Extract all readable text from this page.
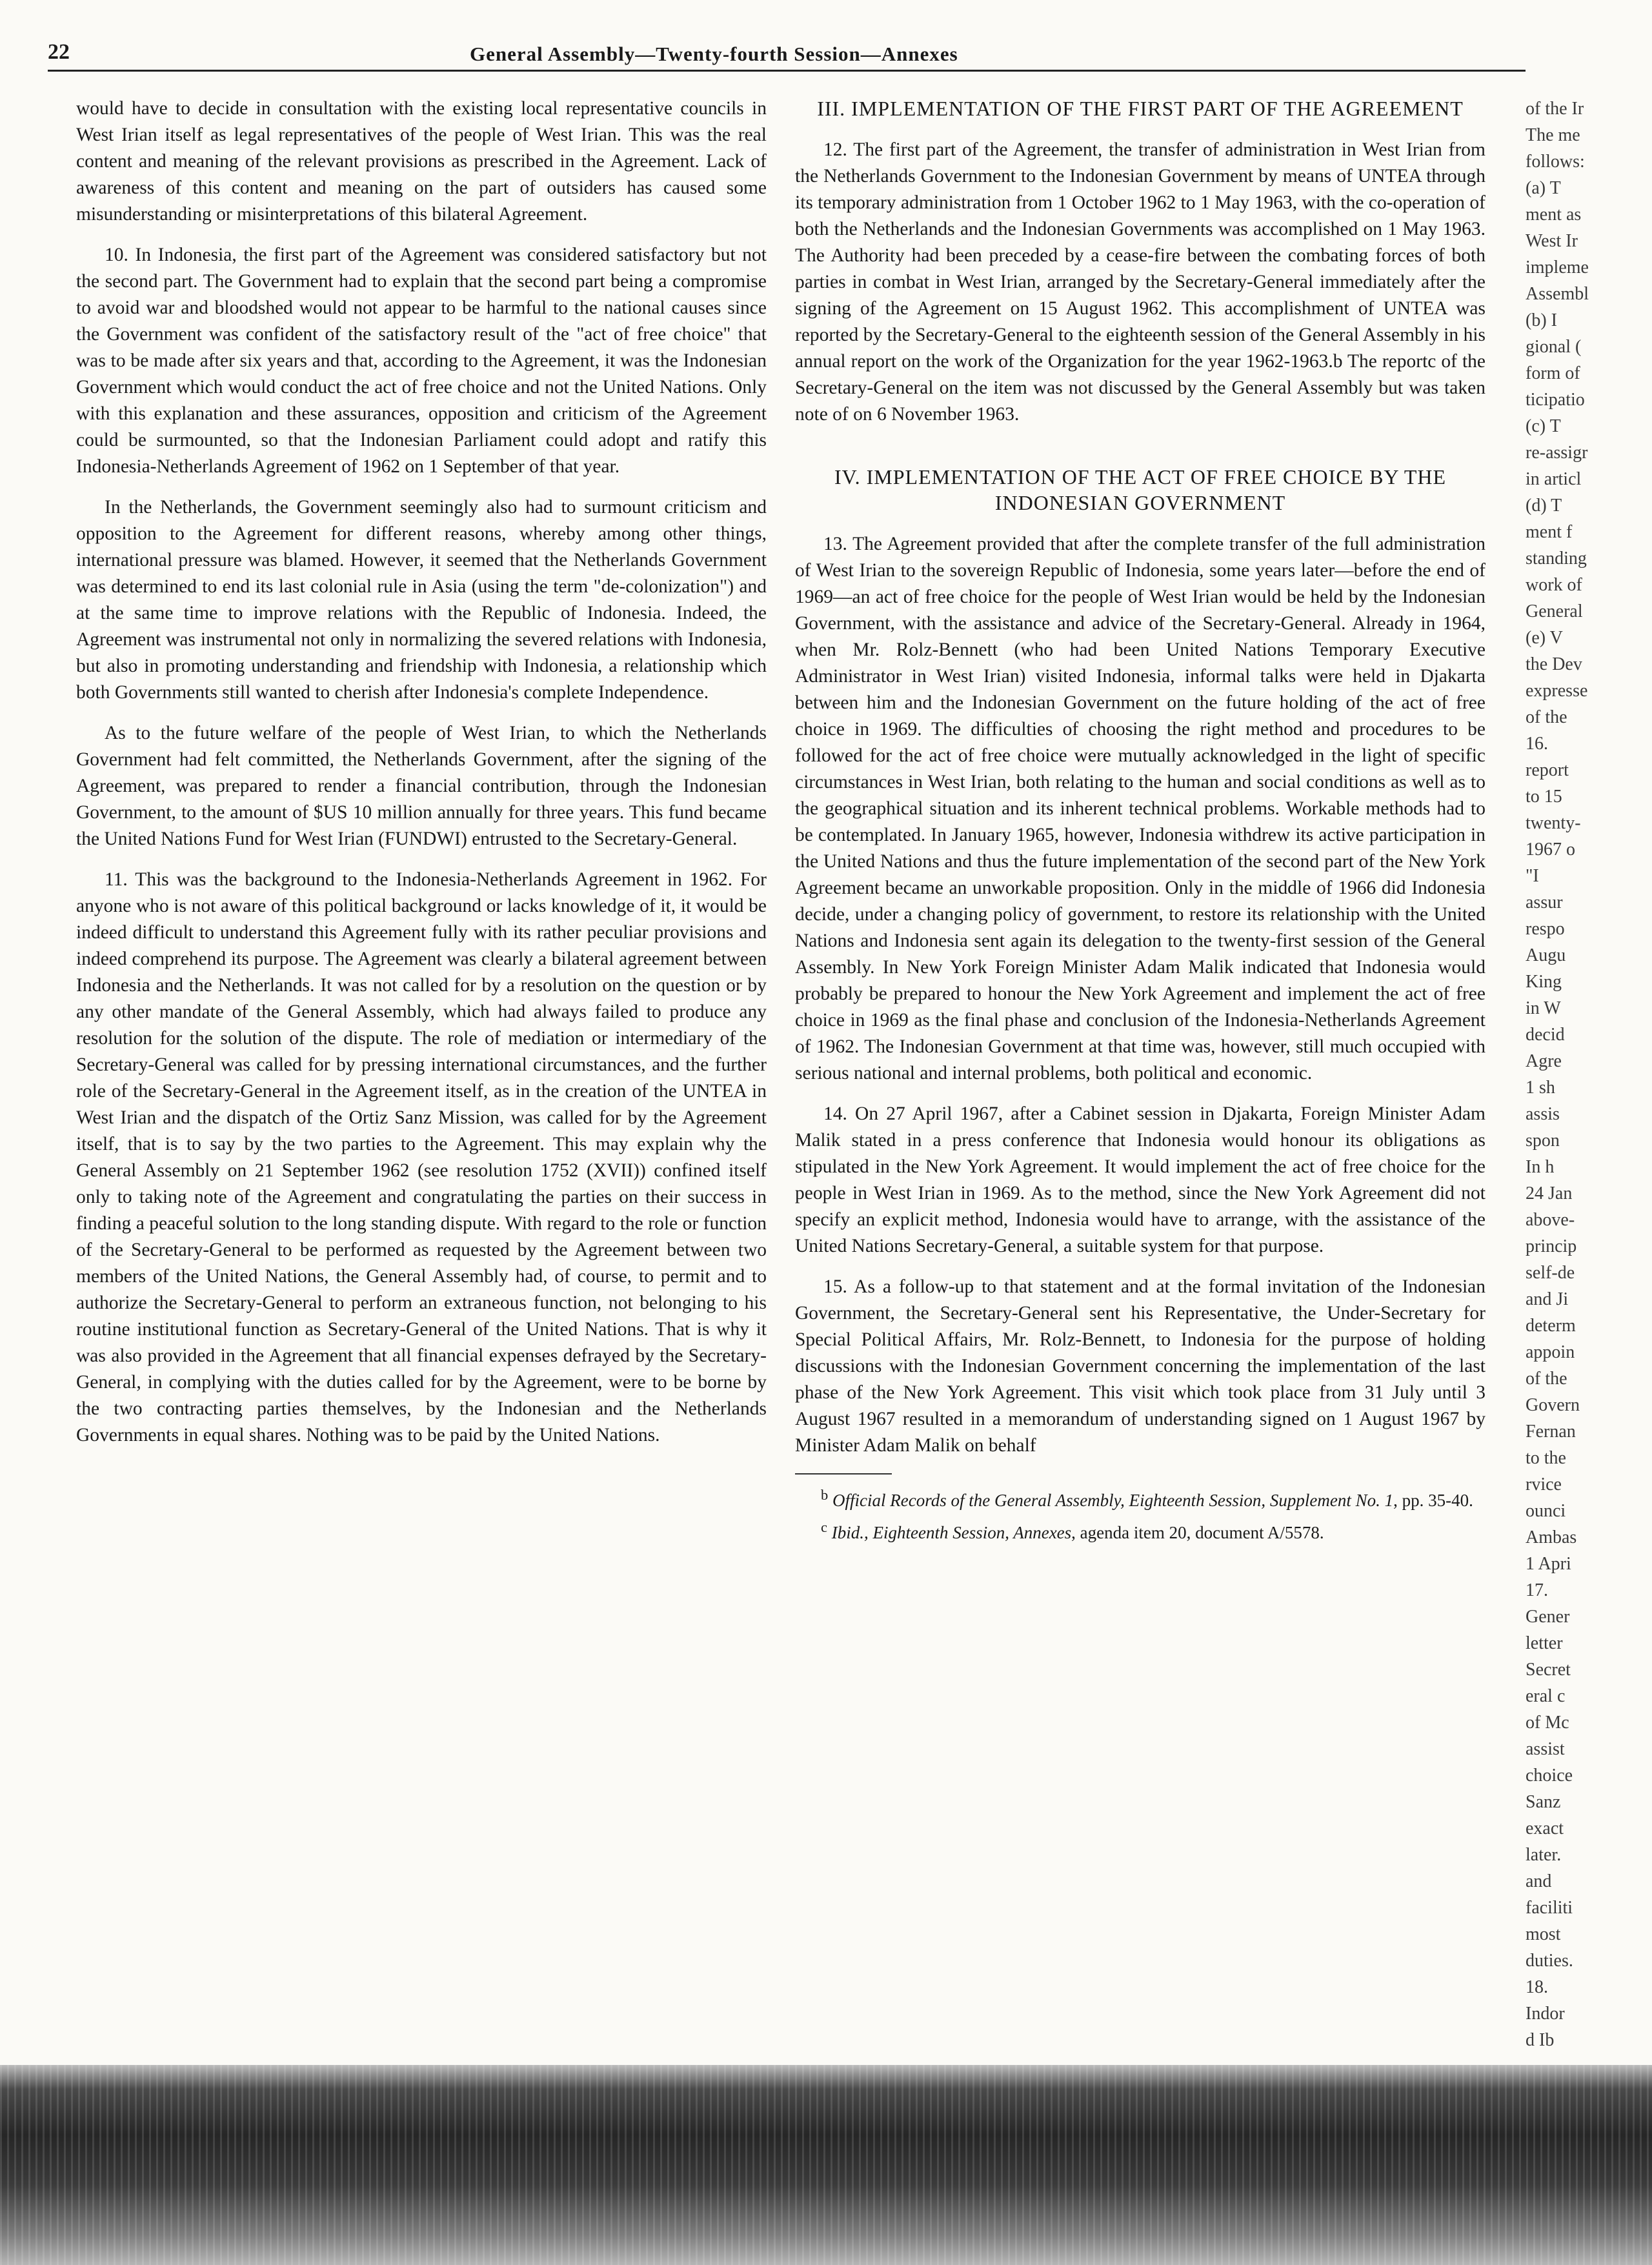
22	General Assembly—Twenty-fourth Session—Annexes

would have to decide in consultation with the existing local representative councils in West Irian itself as legal representatives of the people of West Irian. This was the real content and meaning of the relevant provisions as prescribed in the Agreement. Lack of awareness of this content and meaning on the part of outsiders has caused some misunderstanding or misinterpretations of this bilateral Agreement.

10. In Indonesia, the first part of the Agreement was considered satisfactory but not the second part. The Government had to explain that the second part being a compromise to avoid war and bloodshed would not appear to be harmful to the national causes since the Government was confident of the satisfactory result of the "act of free choice" that was to be made after six years and that, according to the Agreement, it was the Indonesian Government which would conduct the act of free choice and not the United Nations. Only with this explanation and these assurances, opposition and criticism of the Agreement could be surmounted, so that the Indonesian Parliament could adopt and ratify this Indonesia-Netherlands Agreement of 1962 on 1 September of that year.

In the Netherlands, the Government seemingly also had to surmount criticism and opposition to the Agreement for different reasons, whereby among other things, international pressure was blamed. However, it seemed that the Netherlands Government was determined to end its last colonial rule in Asia (using the term "de-colonization") and at the same time to improve relations with the Republic of Indonesia. Indeed, the Agreement was instrumental not only in normalizing the severed relations with Indonesia, but also in promoting understanding and friendship with Indonesia, a relationship which both Governments still wanted to cherish after Indonesia's complete Independence.

As to the future welfare of the people of West Irian, to which the Netherlands Government had felt committed, the Netherlands Government, after the signing of the Agreement, was prepared to render a financial contribution, through the Indonesian Government, to the amount of $US 10 million annually for three years. This fund became the United Nations Fund for West Irian (FUNDWI) entrusted to the Secretary-General.

11. This was the background to the Indonesia-Netherlands Agreement in 1962. For anyone who is not aware of this political background or lacks knowledge of it, it would be indeed difficult to understand this Agreement fully with its rather peculiar provisions and indeed comprehend its purpose. The Agreement was clearly a bilateral agreement between Indonesia and the Netherlands. It was not called for by a resolution on the question or by any other mandate of the General Assembly, which had always failed to produce any resolution for the solution of the dispute. The role of mediation or intermediary of the Secretary-General was called for by pressing international circumstances, and the further role of the Secretary-General in the Agreement itself, as in the creation of the UNTEA in West Irian and the dispatch of the Ortiz Sanz Mission, was called for by the Agreement itself, that is to say by the two parties to the Agreement. This may explain why the General Assembly on 21 September 1962 (see resolution 1752 (XVII)) confined itself only to taking note of the Agreement and congratulating the parties on their success in finding a peaceful solution to the long standing dispute. With regard to the role or function of the Secretary-General to be performed as requested by the Agreement between two members of the United Nations, the General Assembly had, of course, to permit and to authorize the Secretary-General to perform an extraneous function, not belonging to his routine institutional function as Secretary-General of the United Nations. That is why it was also provided in the Agreement that all financial expenses defrayed by the Secretary-General, in complying with the duties called for by the Agreement, were to be borne by the two contracting parties themselves, by the Indonesian and the Netherlands Governments in equal shares. Nothing was to be paid by the United Nations.

III. IMPLEMENTATION OF THE FIRST PART OF THE AGREEMENT

12. The first part of the Agreement, the transfer of administration in West Irian from the Netherlands Government to the Indonesian Government by means of UNTEA through its temporary administration from 1 October 1962 to 1 May 1963, with the co-operation of both the Netherlands and the Indonesian Governments was accomplished on 1 May 1963. The Authority had been preceded by a cease-fire between the combating forces of both parties in combat in West Irian, arranged by the Secretary-General immediately after the signing of the Agreement on 15 August 1962. This accomplishment of UNTEA was reported by the Secretary-General to the eighteenth session of the General Assembly in his annual report on the work of the Organization for the year 1962-1963.b The reportc of the Secretary-General on the item was not discussed by the General Assembly but was taken note of on 6 November 1963.

IV. IMPLEMENTATION OF THE ACT OF FREE CHOICE BY THE INDONESIAN GOVERNMENT

13. The Agreement provided that after the complete transfer of the full administration of West Irian to the sovereign Republic of Indonesia, some years later—before the end of 1969—an act of free choice for the people of West Irian would be held by the Indonesian Government, with the assistance and advice of the Secretary-General. Already in 1964, when Mr. Rolz-Bennett (who had been United Nations Temporary Executive Administrator in West Irian) visited Indonesia, informal talks were held in Djakarta between him and the Indonesian Government on the future holding of the act of free choice in 1969. The difficulties of choosing the right method and procedures to be followed for the act of free choice were mutually acknowledged in the light of specific circumstances in West Irian, both relating to the human and social conditions as well as to the geographical situation and its inherent technical problems. Workable methods had to be contemplated. In January 1965, however, Indonesia withdrew its active participation in the United Nations and thus the future implementation of the second part of the New York Agreement became an unworkable proposition. Only in the middle of 1966 did Indonesia decide, under a changing policy of government, to restore its relationship with the United Nations and Indonesia sent again its delegation to the twenty-first session of the General Assembly. In New York Foreign Minister Adam Malik indicated that Indonesia would probably be prepared to honour the New York Agreement and implement the act of free choice in 1969 as the final phase and conclusion of the Indonesia-Netherlands Agreement of 1962. The Indonesian Government at that time was, however, still much occupied with serious national and internal problems, both political and economic.

14. On 27 April 1967, after a Cabinet session in Djakarta, Foreign Minister Adam Malik stated in a press conference that Indonesia would honour its obligations as stipulated in the New York Agreement. It would implement the act of free choice for the people in West Irian in 1969. As to the method, since the New York Agreement did not specify an explicit method, Indonesia would have to arrange, with the assistance of the United Nations Secretary-General, a suitable system for that purpose.

15. As a follow-up to that statement and at the formal invitation of the Indonesian Government, the Secretary-General sent his Representative, the Under-Secretary for Special Political Affairs, Mr. Rolz-Bennett, to Indonesia for the purpose of holding discussions with the Indonesian Government concerning the implementation of the last phase of the New York Agreement. This visit which took place from 31 July until 3 August 1967 resulted in a memorandum of understanding signed on 1 August 1967 by Minister Adam Malik on behalf

$^b$ Official Records of the General Assembly, Eighteenth Session, Supplement No. 1, pp. 35-40.

$^c$ Ibid., Eighteenth Session, Annexes, agenda item 20, document A/5578.

of the Ir

The me

follows:

(a) T

ment as

West Ir

impleme

Assembl

(b) I

gional (

form of

ticipatio

(c) T

re-assigr

in articl

(d) T

ment f

standing

work of

General

(e) V

the Dev

expresse

of the

16.

report

to 15

twenty-

1967 o

"I

assur

respo

Augu

King

in W

decid

Agre

1 sh

assis

spon

In h

24 Jan

above-

princip

self-de

and Ji

determ

appoin

of the

Govern

Fernan

to the

rvice

ounci

Ambas

1 Apri

17.

Gener

letter

Secret

eral c

of Mc

assist

choice

Sanz

exact

later.

and

faciliti

most

duties.

18.

Indor

d Ib
